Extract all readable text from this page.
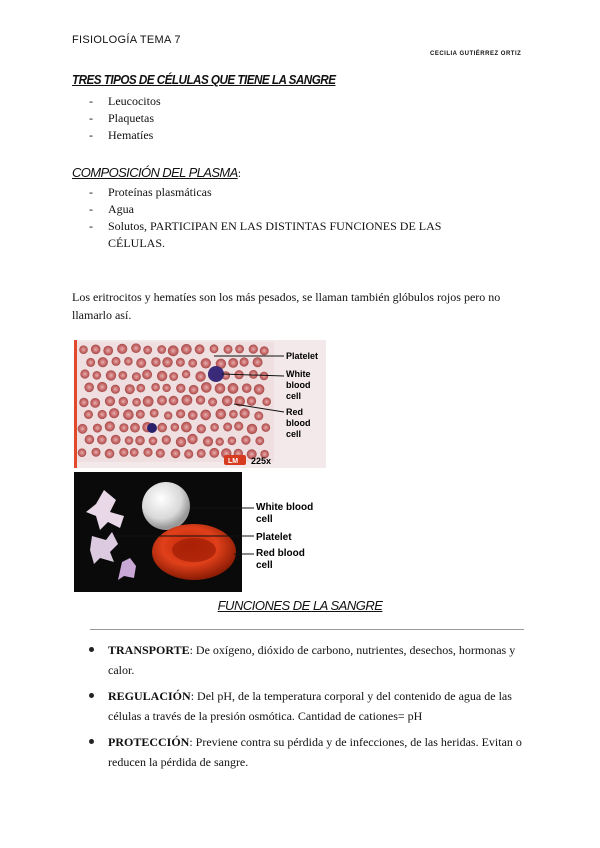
FISIOLOGÍA TEMA 7
CECILIA GUTIÉRREZ ORTIZ
TRES TIPOS DE CÉLULAS QUE TIENE LA SANGRE
- Leucocitos
- Plaquetas
- Hematíes
COMPOSICIÓN DEL PLASMA:
- Proteínas plasmáticas
- Agua
- Solutos, PARTICIPAN EN LAS DISTINTAS FUNCIONES DE LAS CÉLULAS.
Los eritrocitos y hematíes son los más pesados, se llaman también glóbulos rojos pero no llamarlo así.
Platelet
White blood cell
Red blood cell
LM 225x
White blood cell
Platelet
Red blood cell
FUNCIONES DE LA SANGRE
TRANSPORTE: De oxígeno, dióxido de carbono, nutrientes, desechos, hormonas y calor.
REGULACIÓN: Del pH, de la temperatura corporal y del contenido de agua de las células a través de la presión osmótica. Cantidad de cationes= pH
PROTECCIÓN: Previene contra su pérdida y de infecciones, de las heridas. Evitan o reducen la pérdida de sangre.
